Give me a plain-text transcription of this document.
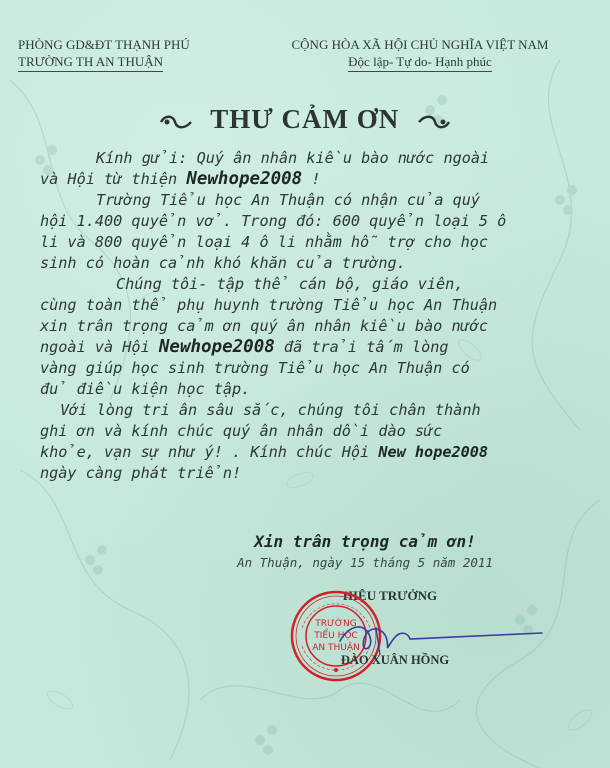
PHÒNG GD&ĐT THẠNH PHÚ
TRƯỜNG TH AN THUẬN
CỘNG HÒA XÃ HỘI CHỦ NGHĨA VIỆT NAM
Độc lập- Tự do- Hạnh phúc
THƯ CẢM ƠN

Kính gửi: Quý ân nhân kiều bào nước ngoài

và Hội từ thiện Newhope2008 !

Trường Tiểu học An Thuận có nhận của quý

hội 1.400 quyển vở. Trong đó: 600 quyển loại 5 ô

li và 800 quyển loại 4 ô li nhằm hỗ trợ cho học

sinh có hoàn cảnh khó khăn của trường.

Chúng tôi- tập thể cán bộ, giáo viên,

cùng toàn thể phụ huynh trường Tiểu học An Thuận

xin trân trọng cảm ơn quý ân nhân kiều bào nước

ngoài và Hội Newhope2008 đã trải tấm lòng

vàng giúp học sinh trường Tiểu học An Thuận có

đủ điều kiện học tập.

Với lòng tri ân sâu sắc, chúng tôi chân thành

ghi ơn và kính chúc quý ân nhân dồi dào sức

khỏe, vạn sự như ý! . Kính chúc Hội New hope2008

ngày càng phát triển!

Xin trân trọng cảm ơn!
An Thuận, ngày 15 tháng 5 năm 2011
HIỆU TRƯỞNG
TRƯỜNG
TIỂU HỌC
AN THUẬN
ĐÀO XUÂN HỒNG
